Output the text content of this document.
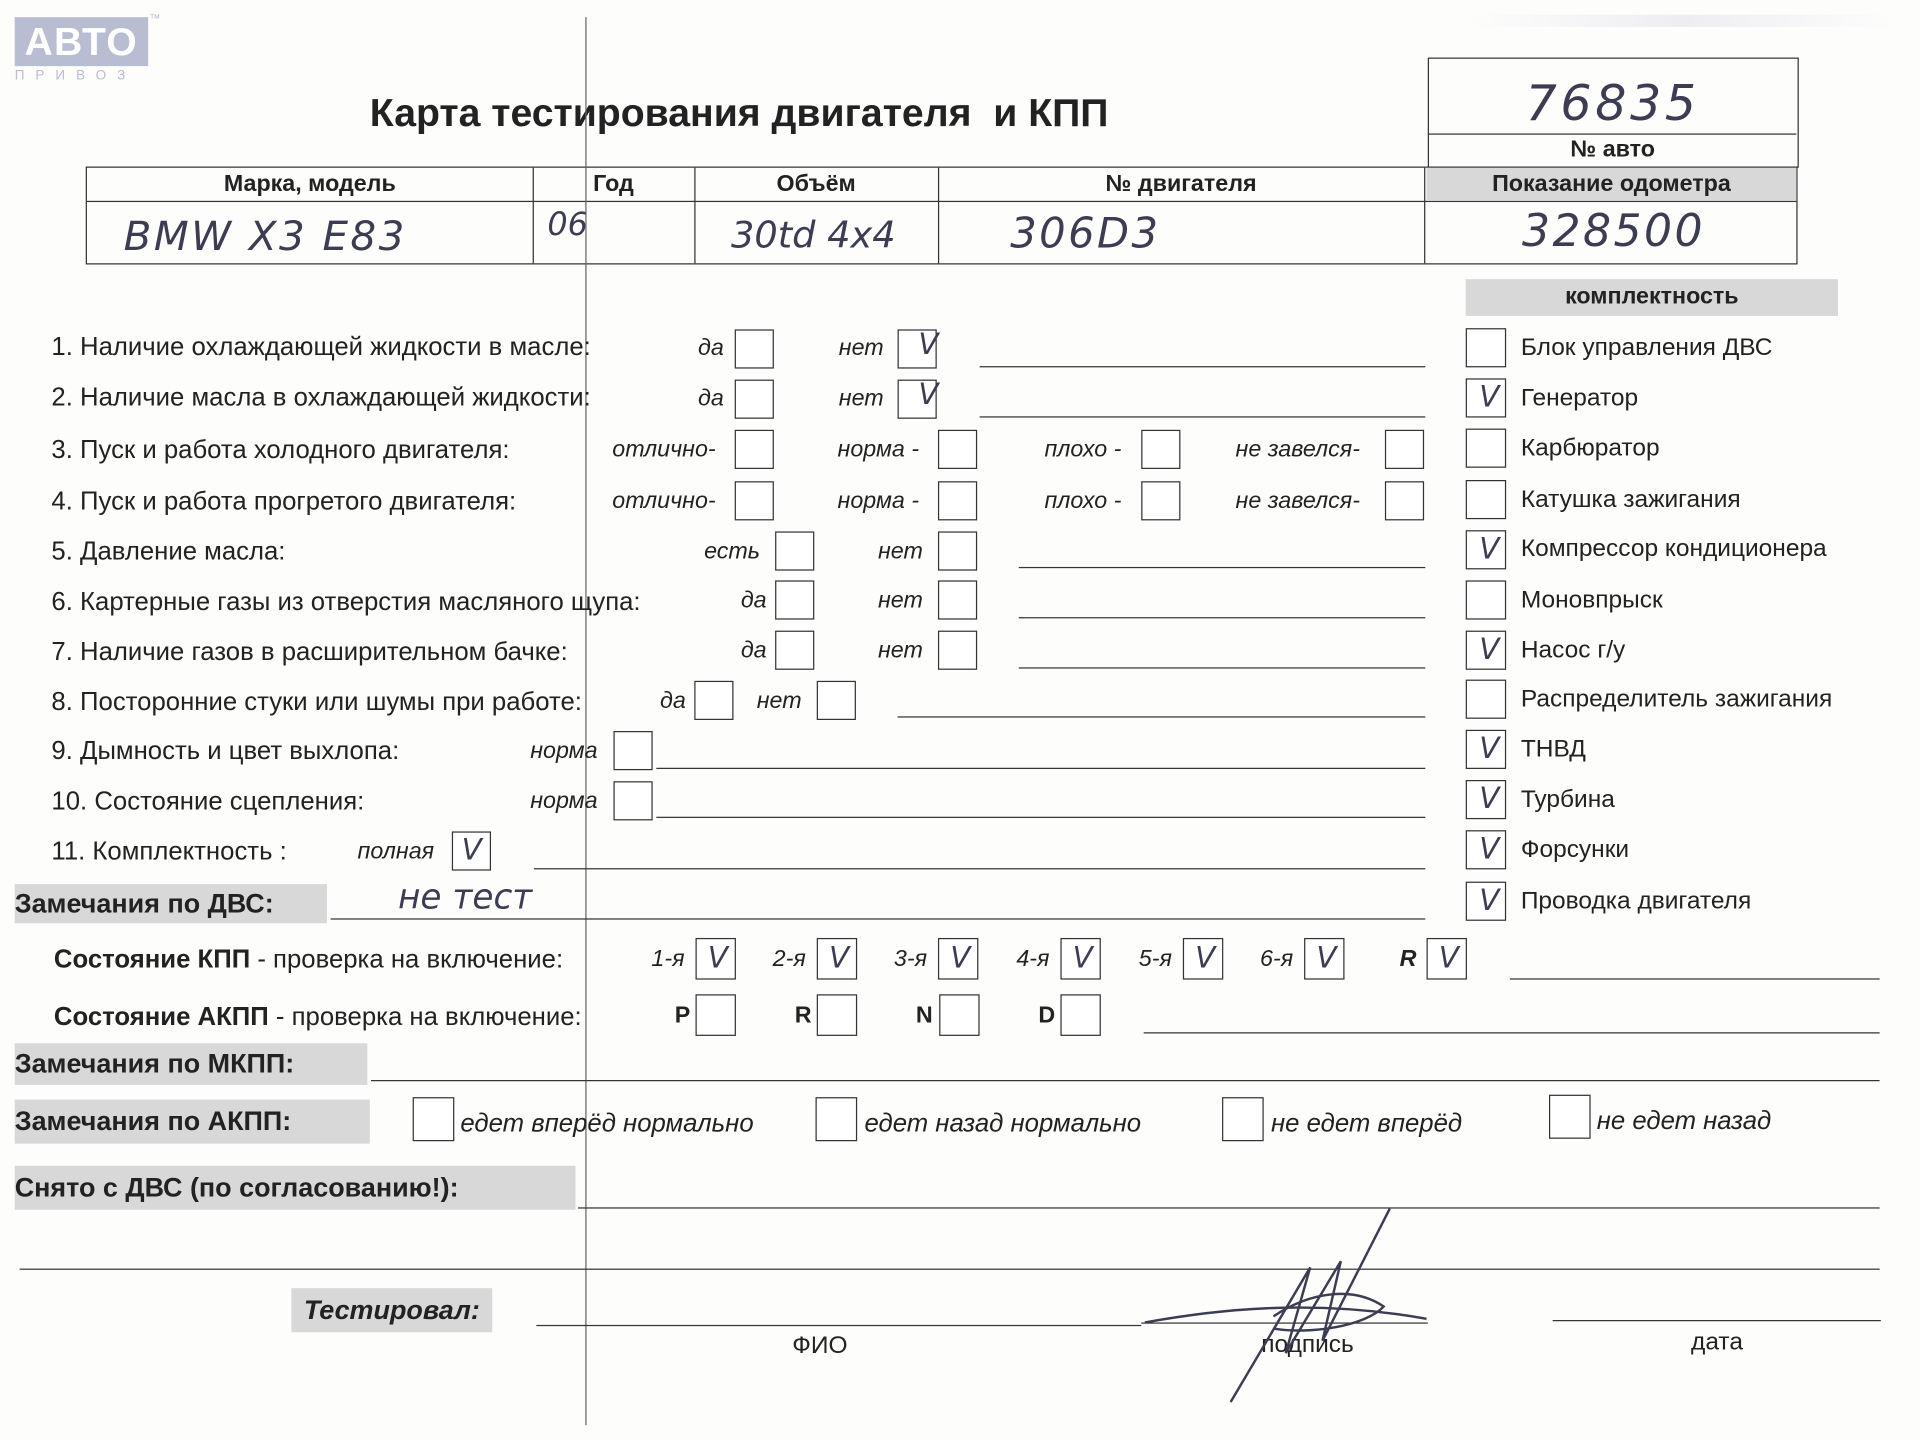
АВТО
ПРИВОЗ
™
Карта тестирования двигателя  и КПП	76835
№ авто
Марка, модель	Год	Объём	№ двигателя	Показание одометра
BMW X3 E83	06	30td 4x4	306D3	328500
комплектность
1. Наличие охлаждающей жидкости в масле:	да	нет V
2. Наличие масла в охлаждающей жидкости:	да	нет V
3. Пуск и работа холодного двигателя:	отлично-	норма -	плохо -	не завелся-
4. Пуск и работа прогретого двигателя:	отлично-	норма -	плохо -	не завелся-
5. Давление масла:	есть	нет
6. Картерные газы из отверстия масляного щупа:	да	нет
7. Наличие газов в расширительном бачке:	да	нет
8. Посторонние стуки или шумы при работе:	да	нет
9. Дымность и цвет выхлопа:	норма
10. Состояние сцепления:	норма
11. Комплектность :	полная V
Блок управления ДВС
V Генератор
Карбюратор
Катушка зажигания
V Компрессор кондиционера
Моновпрыск
V Насос г/у
Распределитель зажигания
V ТНВД
V Турбина
V Форсунки
V Проводка двигателя
Замечания по ДВС:	не тест
Состояние КПП - проверка на включение:	1-я V 2-я V 3-я V 4-я V 5-я V 6-я V	R V
Состояние АКПП - проверка на включение:	P	R	N	D
Замечания по МКПП:
Замечания по АКПП:	едет вперёд нормально	едет назад нормально	не едет вперёд	не едет назад
Снято с ДВС (по согласованию!):
Тестировал:
ФИО	подпись	дата
